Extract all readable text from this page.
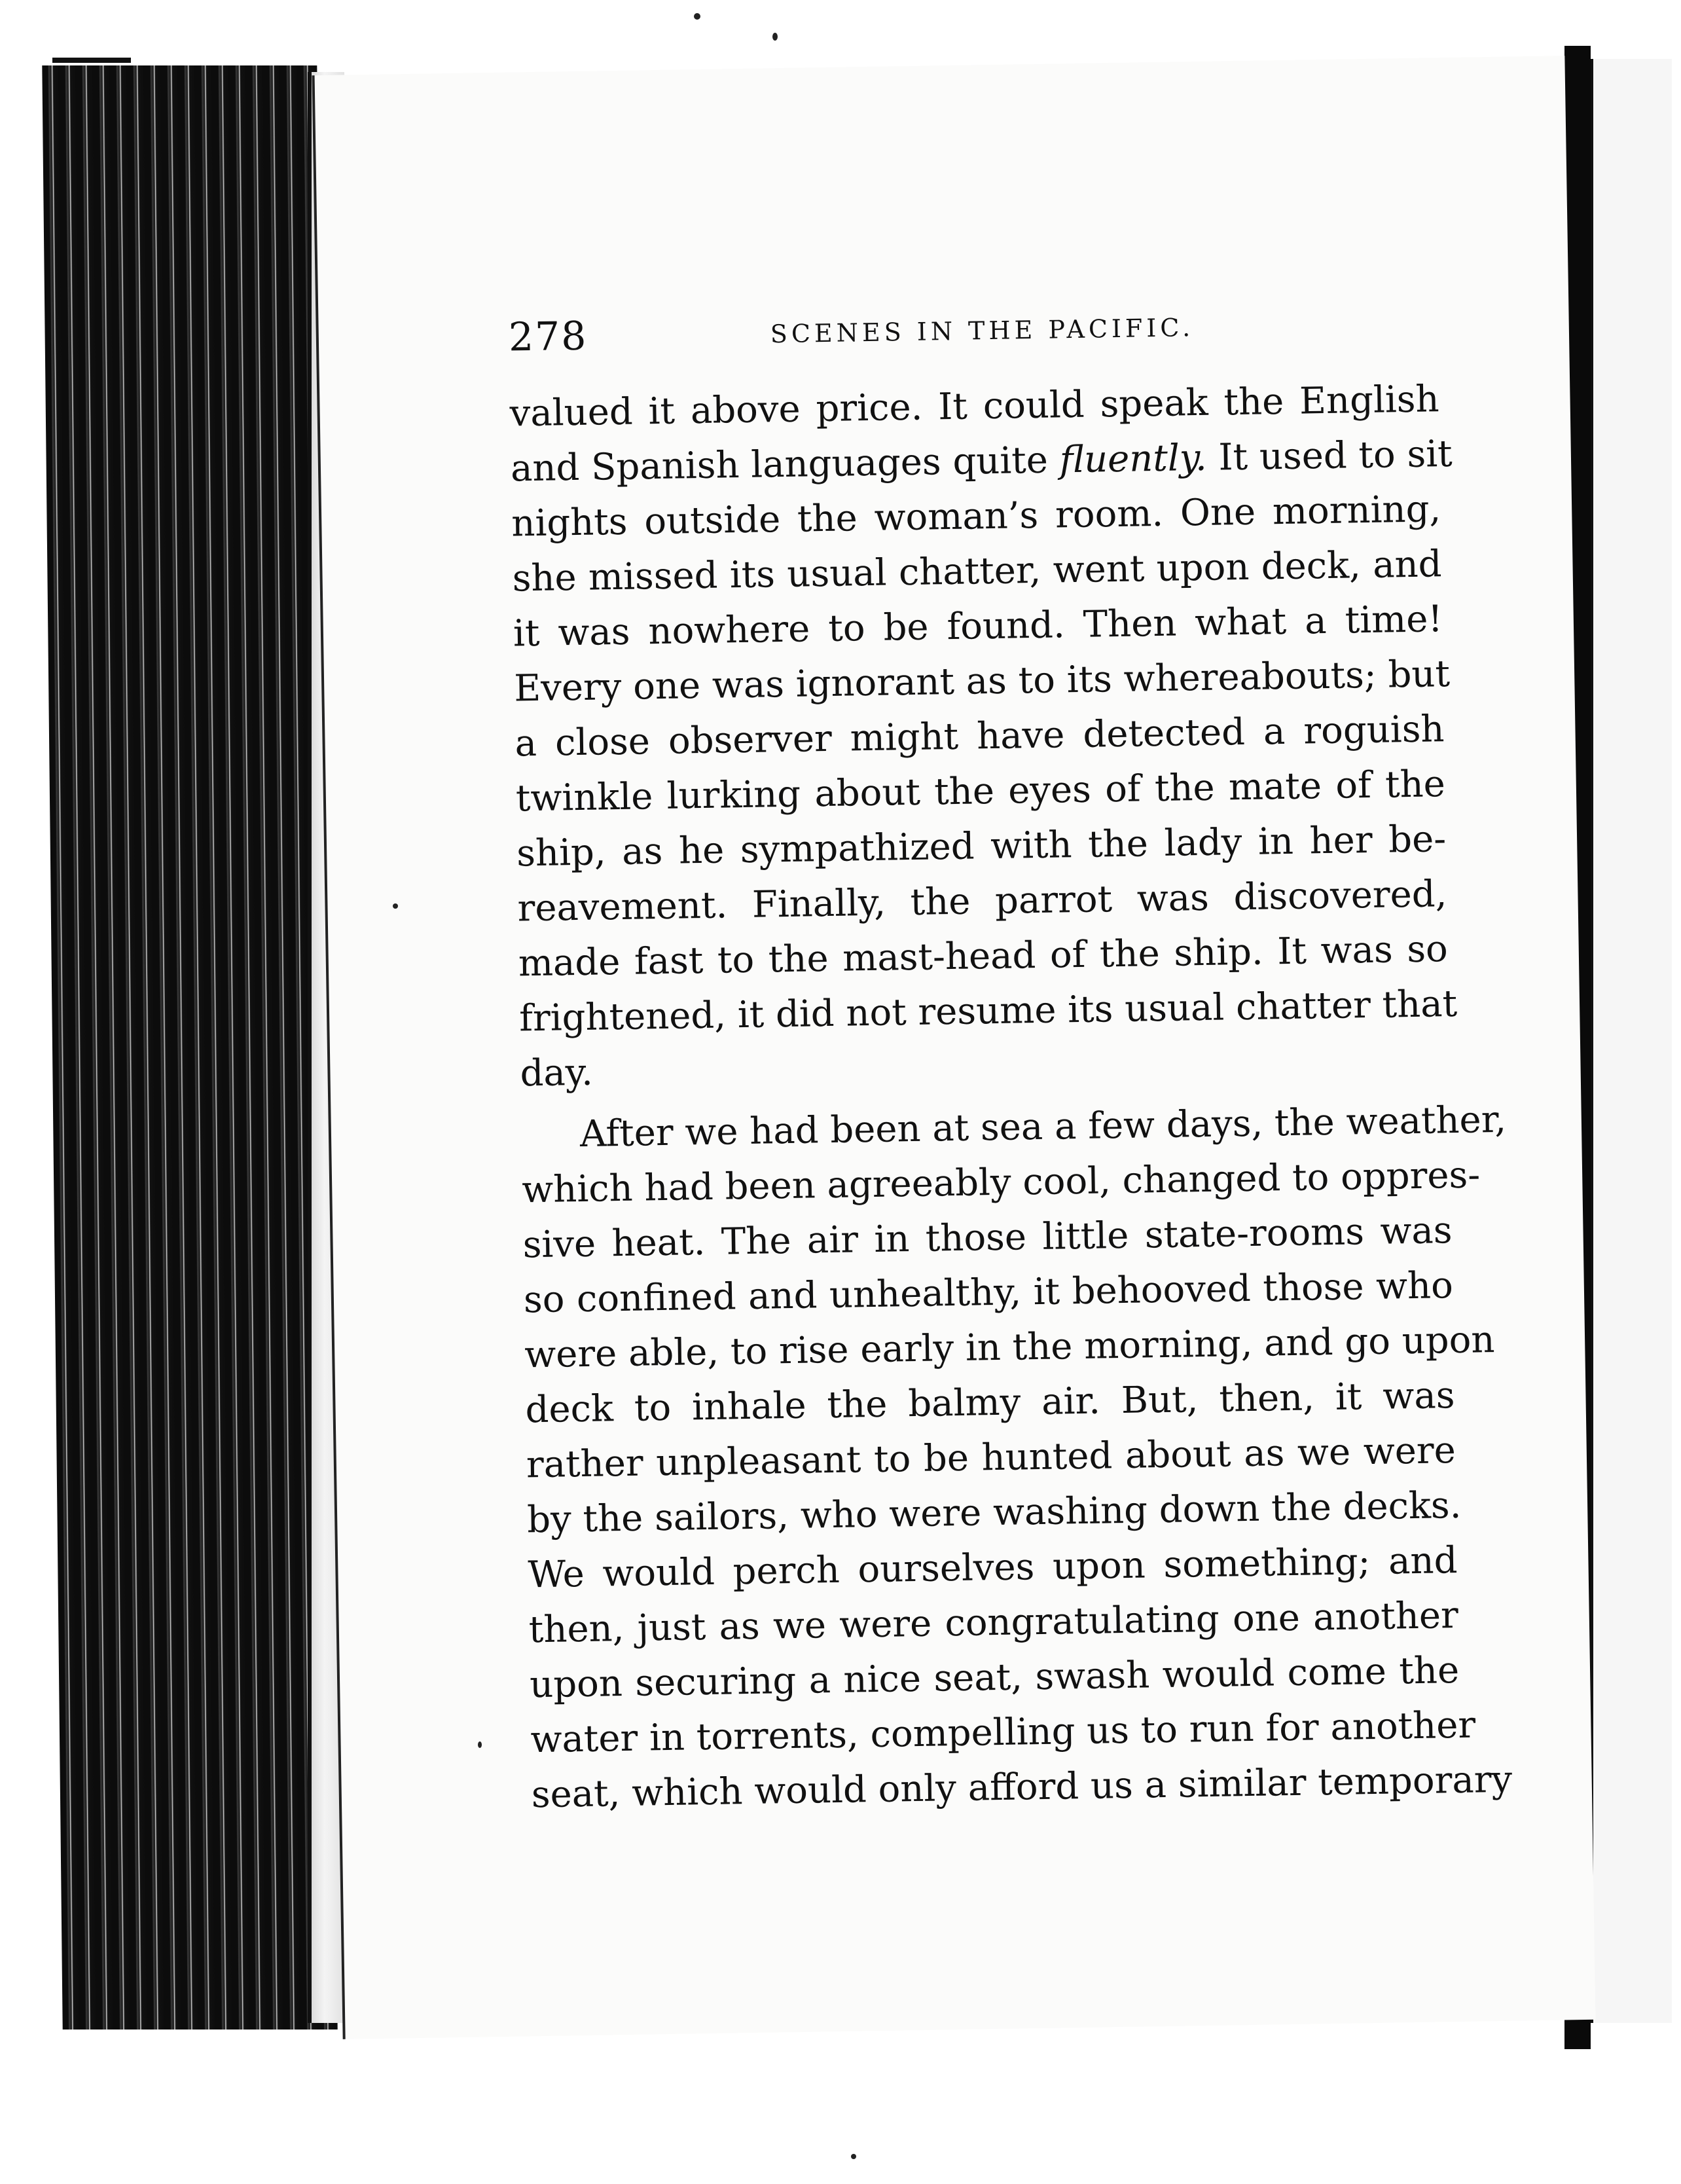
278	SCENES IN THE PACIFIC.
valued it above price. It could speak the English
and Spanish languages quite fluently. It used to sit
nights outside the woman’s room. One morning,
she missed its usual chatter, went upon deck, and
it was nowhere to be found. Then what a time!
Every one was ignorant as to its whereabouts; but
a close observer might have detected a roguish
twinkle lurking about the eyes of the mate of the
ship, as he sympathized with the lady in her be-
reavement. Finally, the parrot was discovered,
made fast to the mast-head of the ship. It was so
frightened, it did not resume its usual chatter that
day.
After we had been at sea a few days, the weather,
which had been agreeably cool, changed to oppres-
sive heat. The air in those little state-rooms was
so confined and unhealthy, it behooved those who
were able, to rise early in the morning, and go upon
deck to inhale the balmy air. But, then, it was
rather unpleasant to be hunted about as we were
by the sailors, who were washing down the decks.
We would perch ourselves upon something; and
then, just as we were congratulating one another
upon securing a nice seat, swash would come the
water in torrents, compelling us to run for another
seat, which would only afford us a similar temporary
